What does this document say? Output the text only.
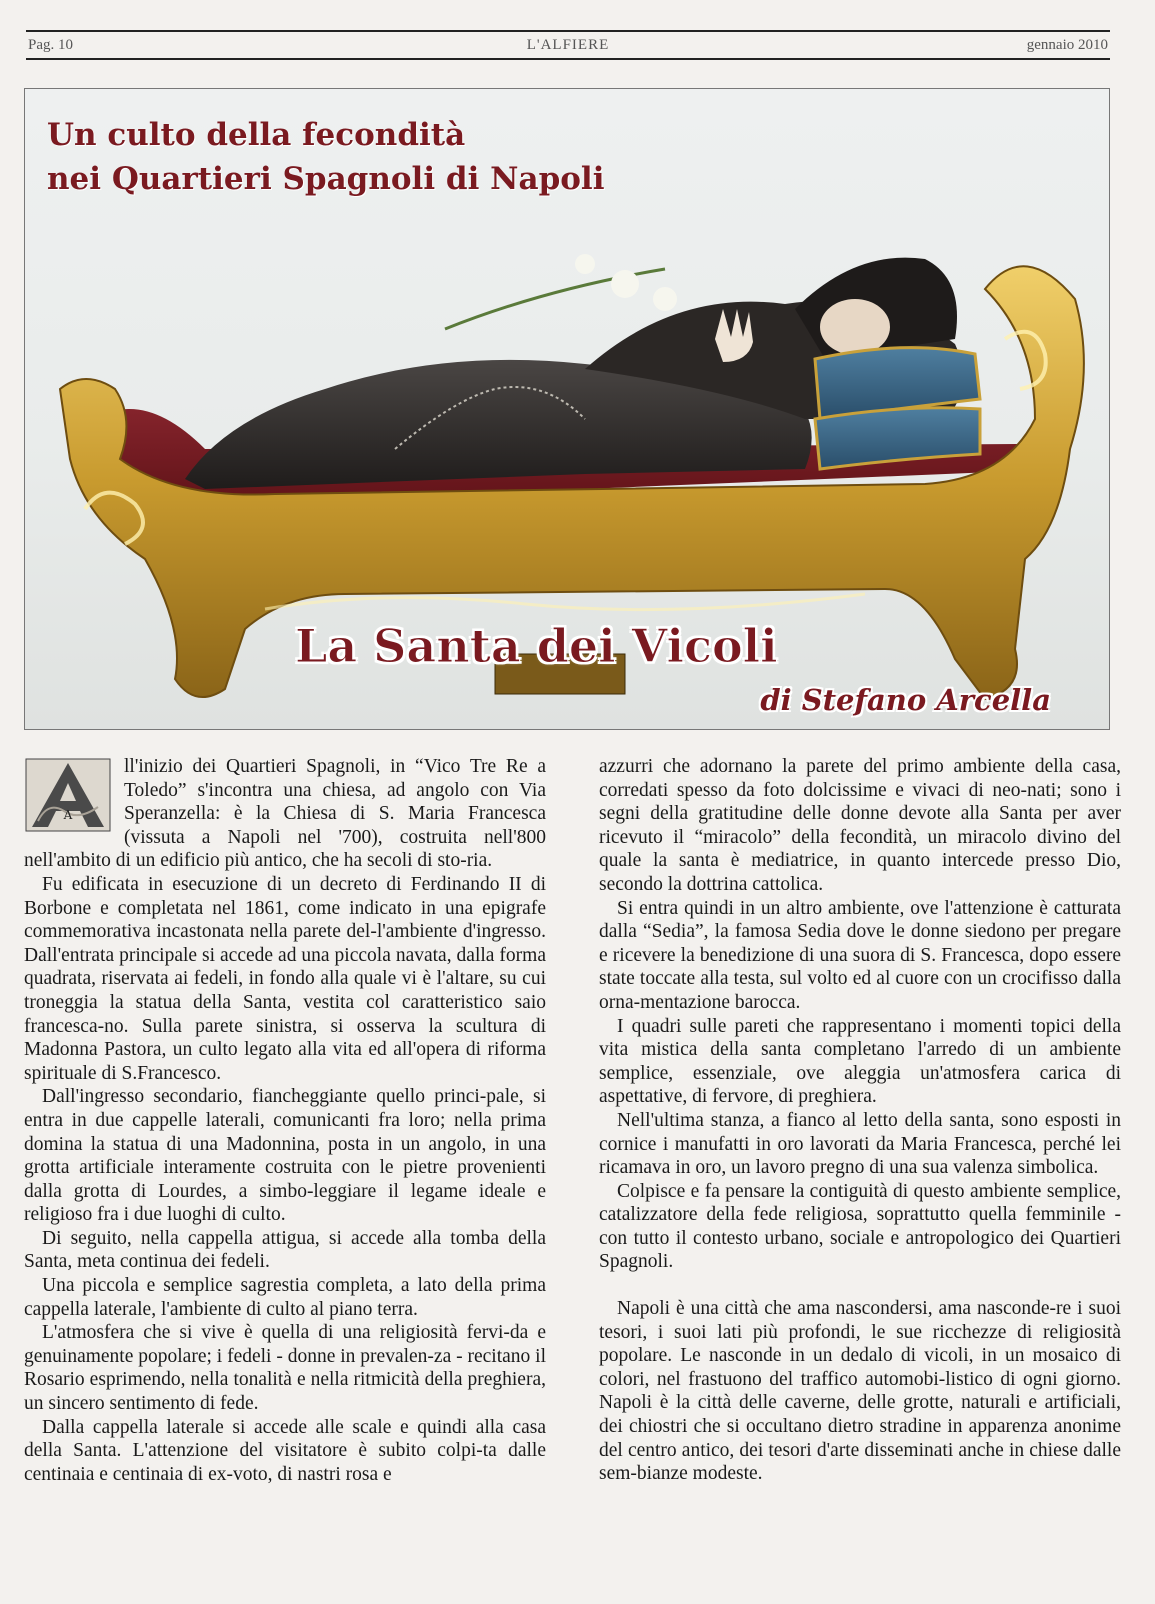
L'ALFIERE
Pag. 10	gennaio 2010
Un culto della fecondità
nei Quartieri Spagnoli di Napoli
La Santa dei Vicoli
di Stefano Arcella
A

ll'inizio dei Quartieri Spagnoli, in “Vico Tre Re a Toledo” s'incontra una chiesa, ad angolo con Via Speranzella: è la Chiesa di S. Maria Francesca (vissuta a Napoli nel '700), costruita nell'800 nell'ambito di un edificio più antico, che ha secoli di sto-ria.

Fu edificata in esecuzione di un decreto di Ferdinando II di Borbone e completata nel 1861, come indicato in una epigrafe commemorativa incastonata nella parete del-l'ambiente d'ingresso. Dall'entrata principale si accede ad una piccola navata, dalla forma quadrata, riservata ai fedeli, in fondo alla quale vi è l'altare, su cui troneggia la statua della Santa, vestita col caratteristico saio francesca-no. Sulla parete sinistra, si osserva la scultura di Madonna Pastora, un culto legato alla vita ed all'opera di riforma spirituale di S.Francesco.

Dall'ingresso secondario, fiancheggiante quello princi-pale, si entra in due cappelle laterali, comunicanti fra loro; nella prima domina la statua di una Madonnina, posta in un angolo, in una grotta artificiale interamente costruita con le pietre provenienti dalla grotta di Lourdes, a simbo-leggiare il legame ideale e religioso fra i due luoghi di culto.

Di seguito, nella cappella attigua, si accede alla tomba della Santa, meta continua dei fedeli.

Una piccola e semplice sagrestia completa, a lato della prima cappella laterale, l'ambiente di culto al piano terra.

L'atmosfera che si vive è quella di una religiosità fervi-da e genuinamente popolare; i fedeli - donne in prevalen-za - recitano il Rosario esprimendo, nella tonalità e nella ritmicità della preghiera, un sincero sentimento di fede.

Dalla cappella laterale si accede alle scale e quindi alla casa della Santa. L'attenzione del visitatore è subito colpi-ta dalle centinaia e centinaia di ex-voto, di nastri rosa e

azzurri che adornano la parete del primo ambiente della casa, corredati spesso da foto dolcissime e vivaci di neo-nati; sono i segni della gratitudine delle donne devote alla Santa per aver ricevuto il “miracolo” della fecondità, un miracolo divino del quale la santa è mediatrice, in quanto intercede presso Dio, secondo la dottrina cattolica.

Si entra quindi in un altro ambiente, ove l'attenzione è catturata dalla “Sedia”, la famosa Sedia dove le donne siedono per pregare e ricevere la benedizione di una suora di S. Francesca, dopo essere state toccate alla testa, sul volto ed al cuore con un crocifisso dalla orna-mentazione barocca.

I quadri sulle pareti che rappresentano i momenti topici della vita mistica della santa completano l'arredo di un ambiente semplice, essenziale, ove aleggia un'atmosfera carica di aspettative, di fervore, di preghiera.

Nell'ultima stanza, a fianco al letto della santa, sono esposti in cornice i manufatti in oro lavorati da Maria Francesca, perché lei ricamava in oro, un lavoro pregno di una sua valenza simbolica.

Colpisce e fa pensare la contiguità di questo ambiente semplice, catalizzatore della fede religiosa, soprattutto quella femminile - con tutto il contesto urbano, sociale e antropologico dei Quartieri Spagnoli.

Napoli è una città che ama nascondersi, ama nasconde-re i suoi tesori, i suoi lati più profondi, le sue ricchezze di religiosità popolare. Le nasconde in un dedalo di vicoli, in un mosaico di colori, nel frastuono del traffico automobi-listico di ogni giorno. Napoli è la città delle caverne, delle grotte, naturali e artificiali, dei chiostri che si occultano dietro stradine in apparenza anonime del centro antico, dei tesori d'arte disseminati anche in chiese dalle sem-bianze modeste.
